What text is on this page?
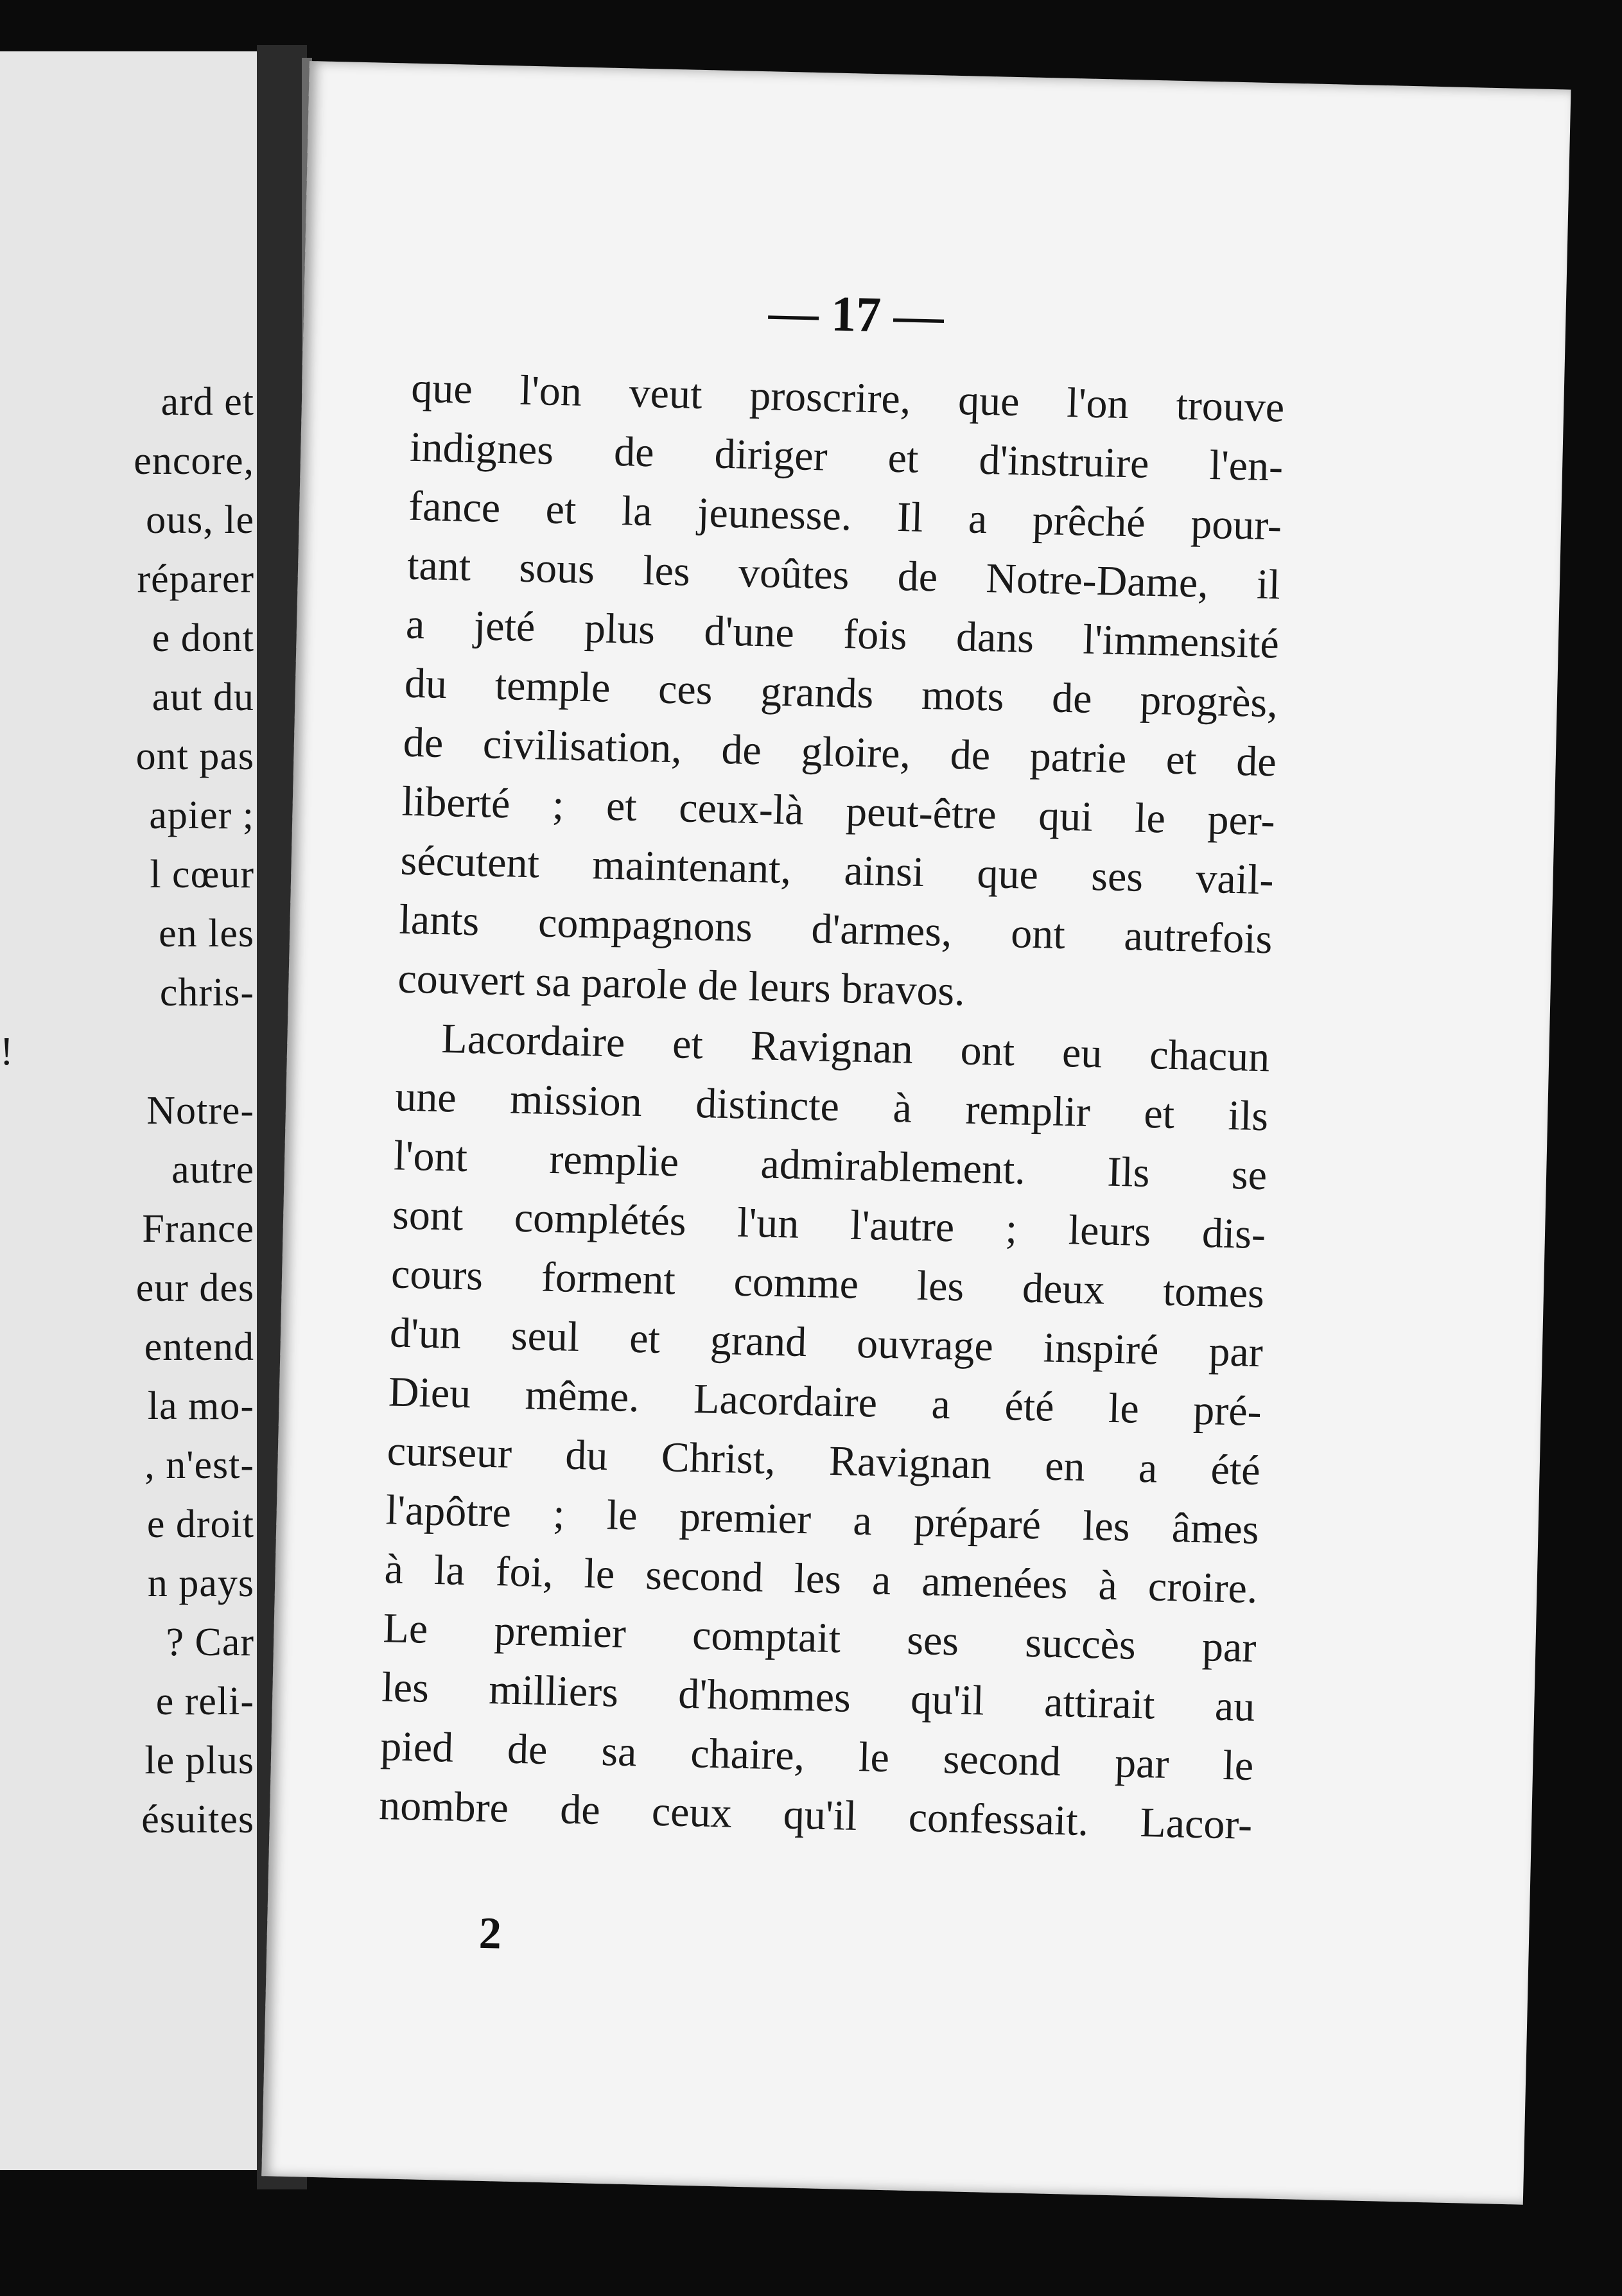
ard et
encore,
ous, le
réparer
e dont
aut du
ont pas
apier ;
l cœur
en les
chris-
!
Notre-
autre
France
eur des
entend
la mo-
, n'est-
e droit
n pays
? Car
e reli-
le plus
ésuites
— 17 —
que l'on veut proscrire, que l'on trouve
indignes de diriger et d'instruire l'en-
fance et la jeunesse. Il a prêché pour-
tant sous les voûtes de Notre-Dame, il
a jeté plus d'une fois dans l'immensité
du temple ces grands mots de progrès,
de civilisation, de gloire, de patrie et de
liberté ; et ceux-là peut-être qui le per-
sécutent maintenant, ainsi que ses vail-
lants compagnons d'armes, ont autrefois
couvert sa parole de leurs bravos.
Lacordaire et Ravignan ont eu chacun
une mission distincte à remplir et ils
l'ont remplie admirablement. Ils se
sont complétés l'un l'autre ; leurs dis-
cours forment comme les deux tomes
d'un seul et grand ouvrage inspiré par
Dieu même. Lacordaire a été le pré-
curseur du Christ, Ravignan en a été
l'apôtre ; le premier a préparé les âmes
à la foi, le second les a amenées à croire.
Le premier comptait ses succès par
les milliers d'hommes qu'il attirait au
pied de sa chaire, le second par le
nombre de ceux qu'il confessait. Lacor-
2
